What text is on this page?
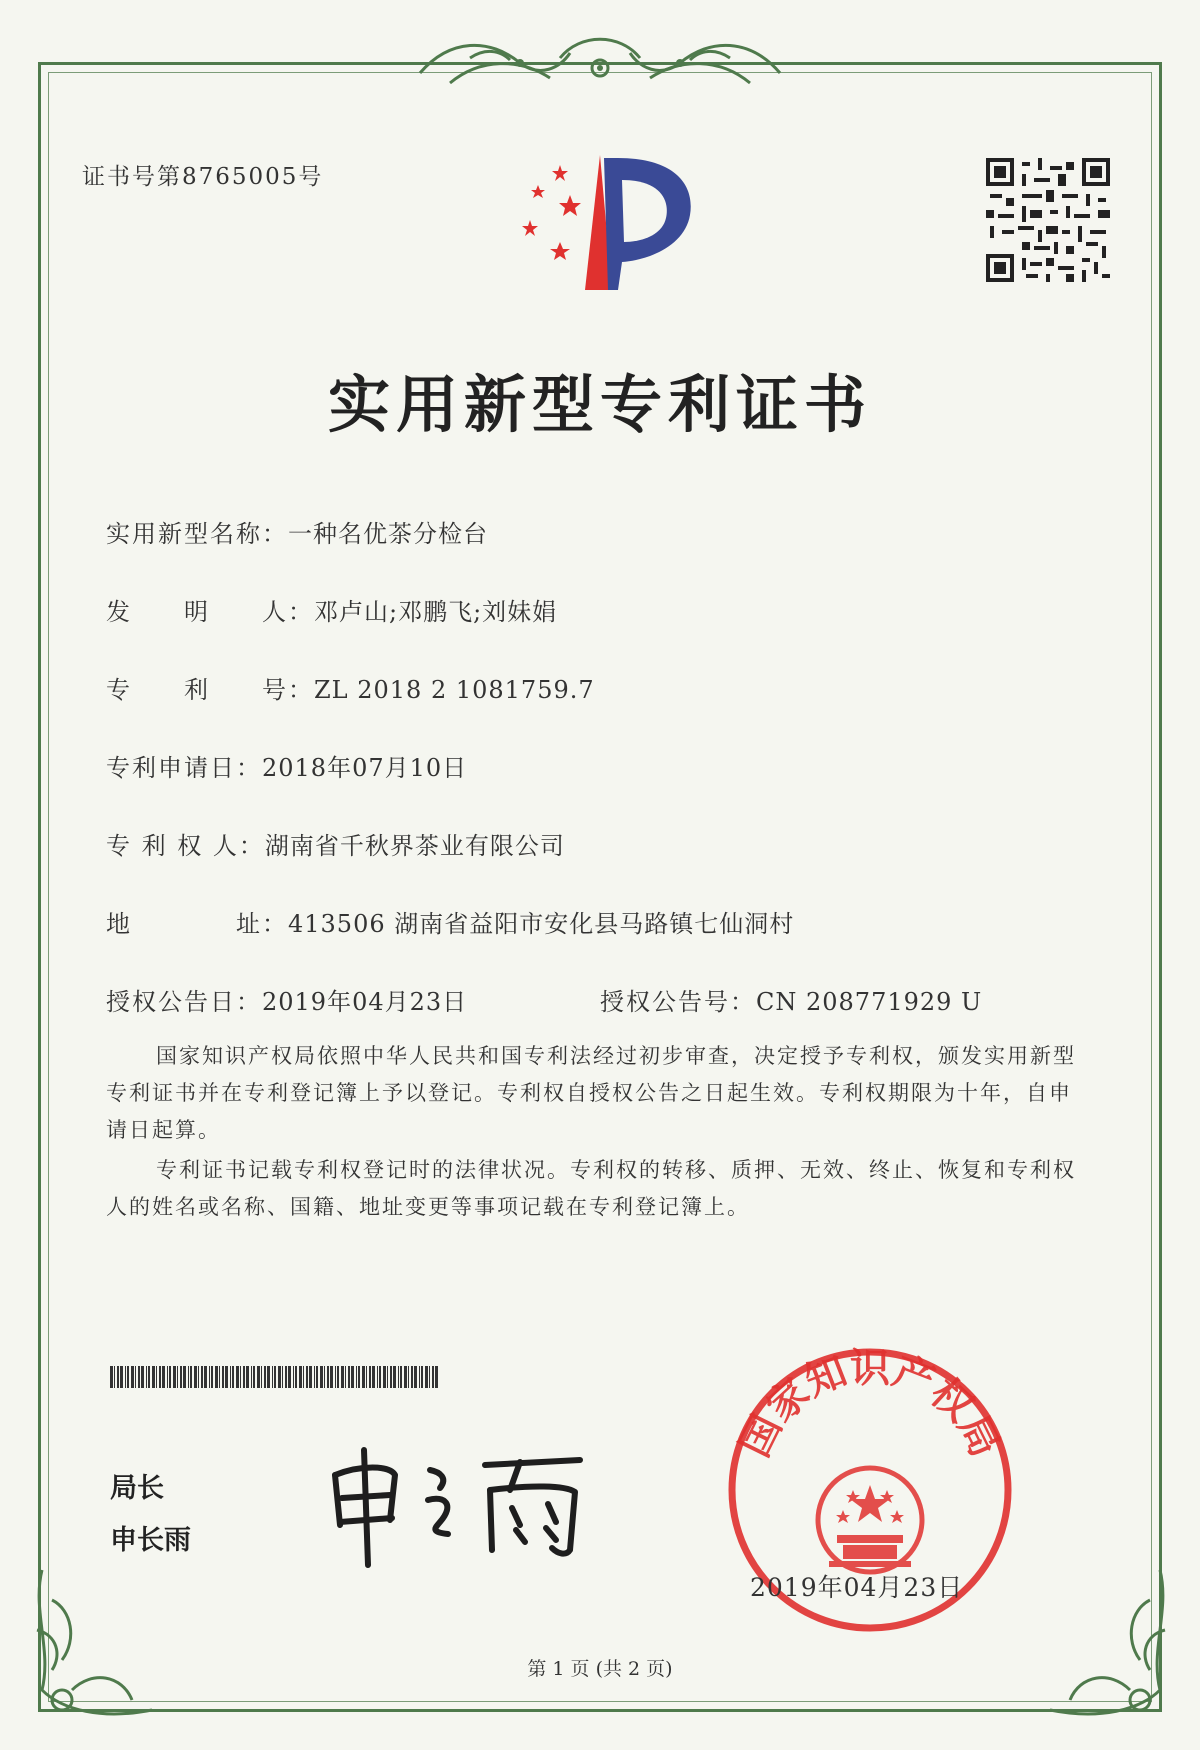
证书号第8765005号
实用新型专利证书
实用新型名称：一种名优茶分检台
发　　明　　人：邓卢山;邓鹏飞;刘妹娟
专　　利　　号：ZL 2018 2 1081759.7
专利申请日：2018年07月10日
专 利 权 人：湖南省千秋界茶业有限公司
地　　　　址：413506 湖南省益阳市安化县马路镇七仙洞村
授权公告日：2019年04月23日	授权公告号：CN 208771929 U
国家知识产权局依照中华人民共和国专利法经过初步审查，决定授予专利权，颁发实用新型专利证书并在专利登记簿上予以登记。专利权自授权公告之日起生效。专利权期限为十年，自申请日起算。
专利证书记载专利权登记时的法律状况。专利权的转移、质押、无效、终止、恢复和专利权人的姓名或名称、国籍、地址变更等事项记载在专利登记簿上。
局长
申长雨
国家知识产权局
2019年04月23日
第 1 页 (共 2 页)
